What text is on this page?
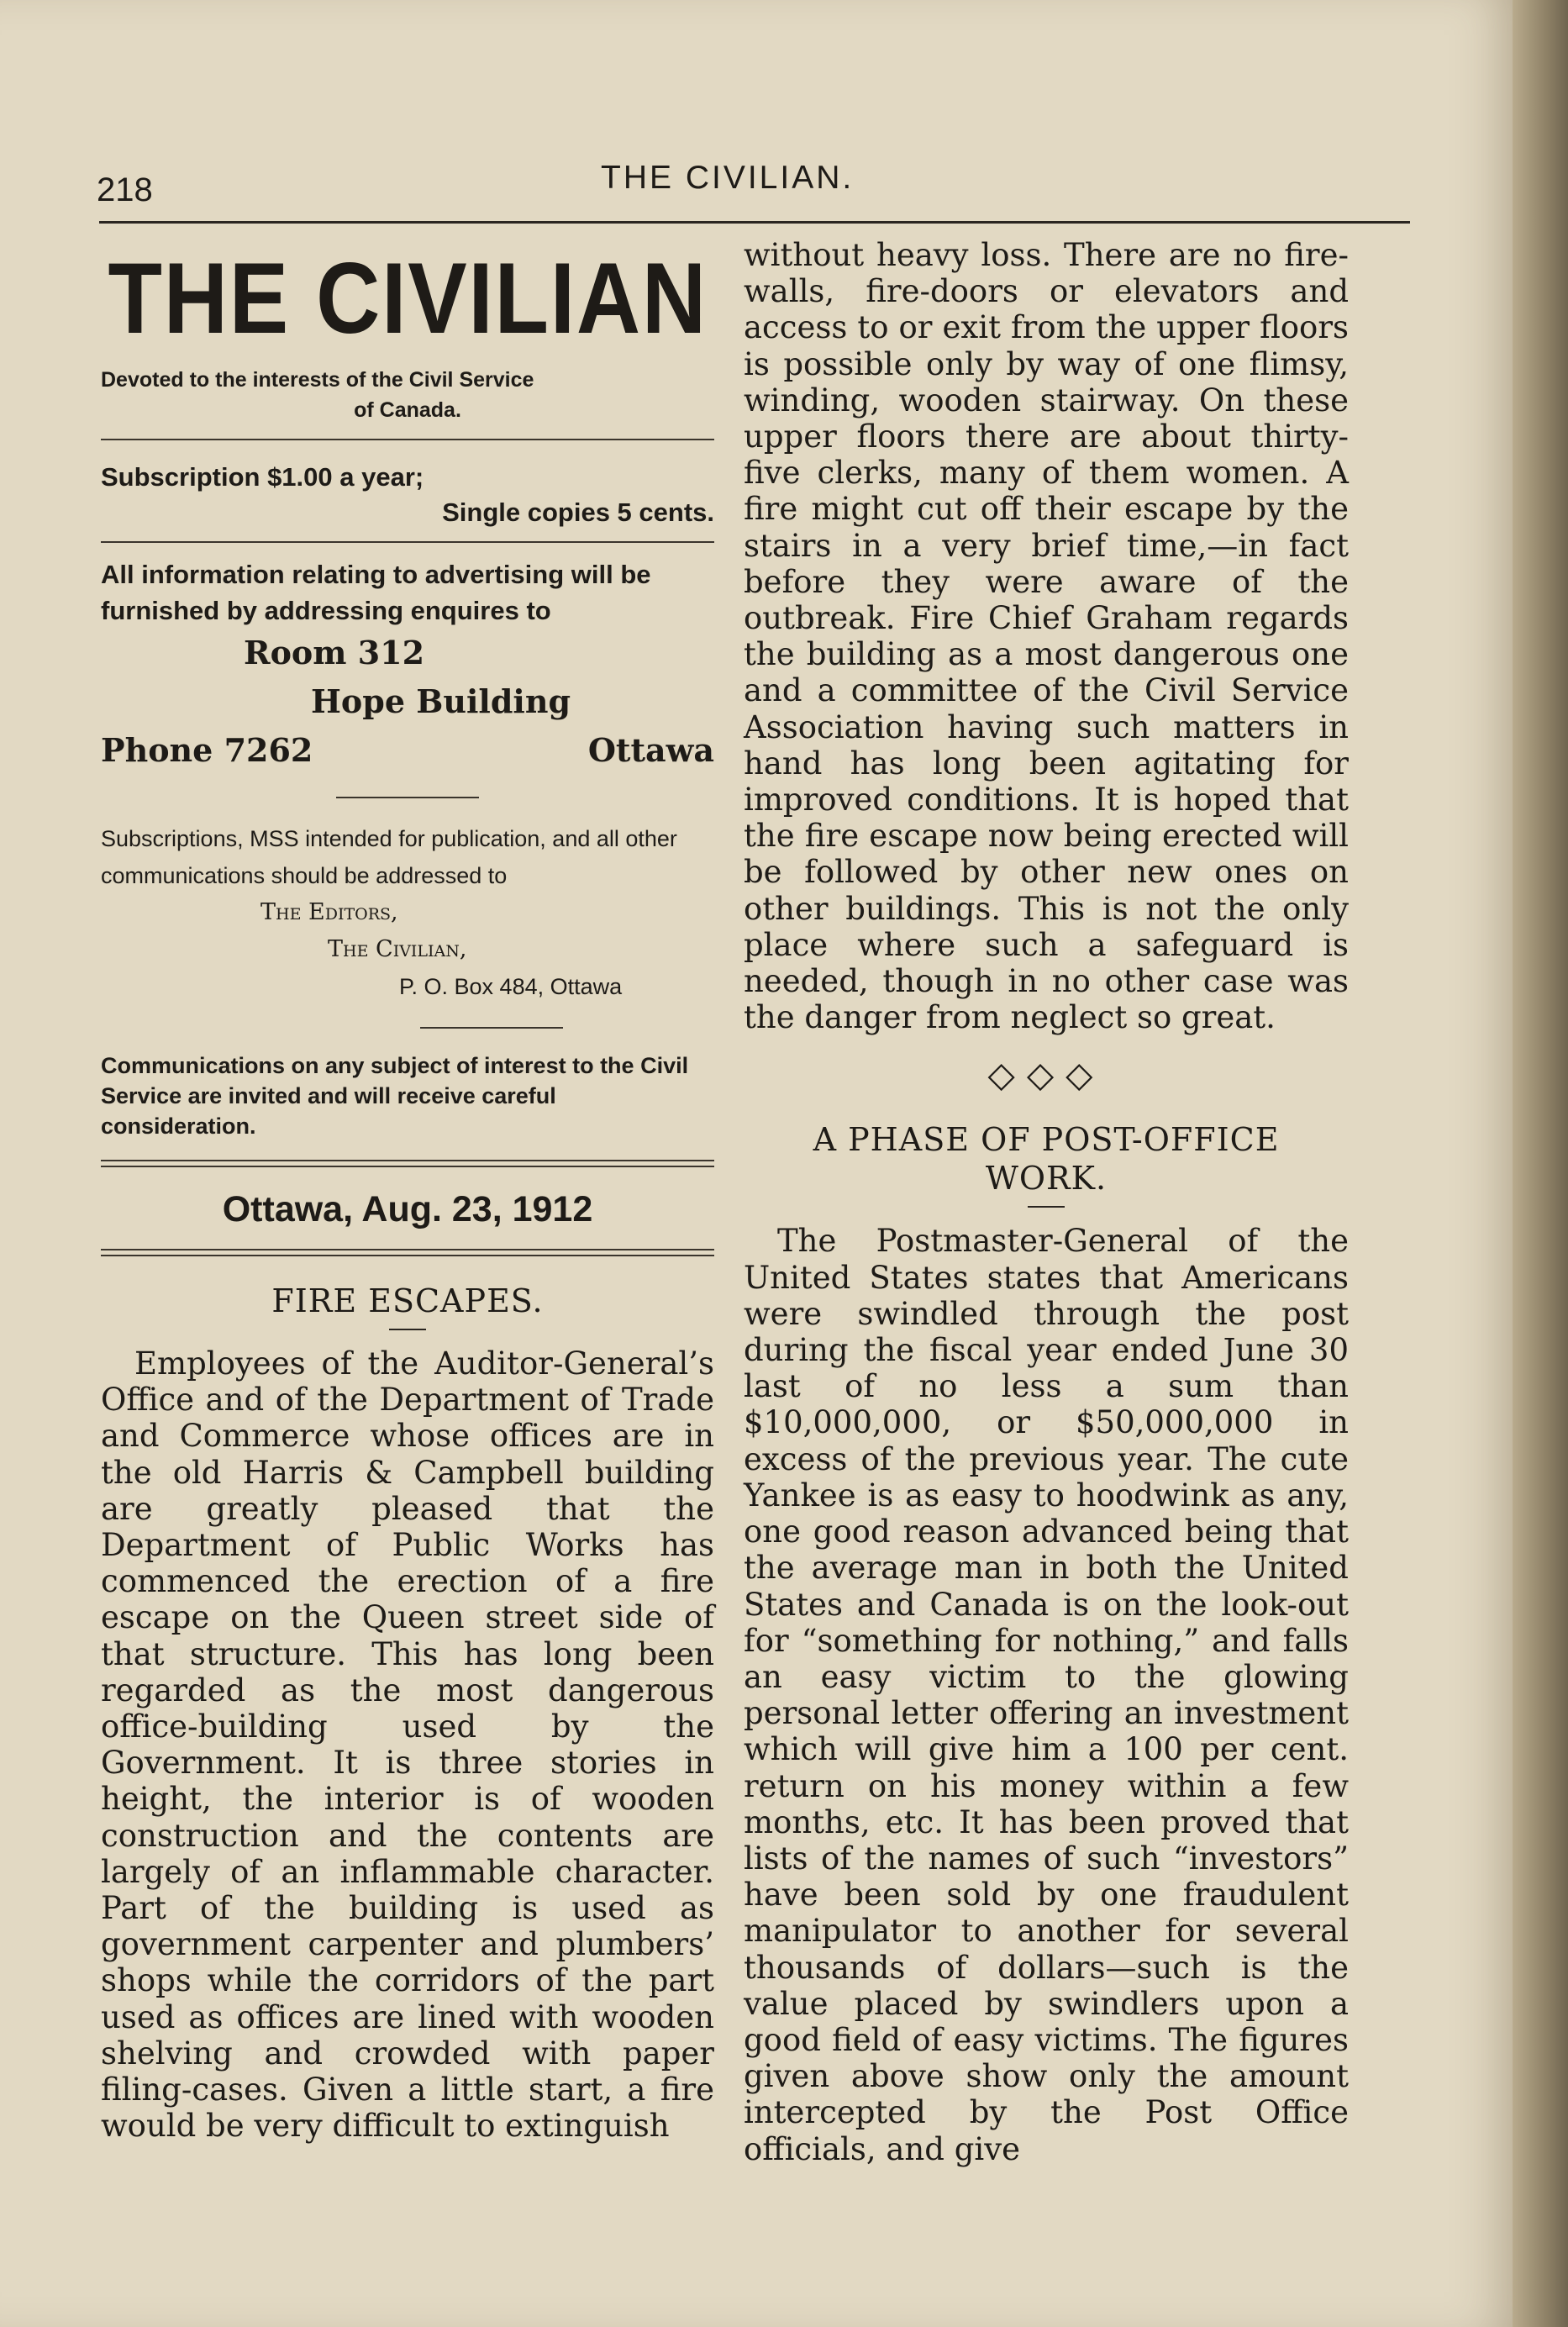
218	THE CIVILIAN.
THE CIVILIAN
Devoted to the interests of the Civil Service
of Canada.
Subscription $1.00 a year;
Single copies 5 cents.
All information relating to advertising will be furnished by addressing enquires to
Room 312
Hope Building
Phone 7262	Ottawa
Subscriptions, MSS intended for publication, and all other communications should be addressed to
The Editors,
The Civilian,
P. O. Box 484, Ottawa
Communications on any subject of interest to the Civil Service are invited and will receive careful consideration.
Ottawa, Aug. 23, 1912
FIRE ESCAPES.

Employees of the Auditor-General’s Office and of the Department of Trade and Commerce whose offices are in the old Harris & Campbell building are greatly pleased that the Department of Public Works has commenced the erection of a fire escape on the Queen street side of that structure. This has long been regarded as the most dangerous office-building used by the Government. It is three stories in height, the interior is of wooden construction and the contents are largely of an inflammable character. Part of the building is used as government carpenter and plumbers’ shops while the corridors of the part used as offices are lined with wooden shelving and crowded with paper filing-cases. Given a little start, a fire would be very difficult to extinguish

without heavy loss. There are no fire-walls, fire-doors or elevators and access to or exit from the upper floors is possible only by way of one flimsy, winding, wooden stairway. On these upper floors there are about thirty-five clerks, many of them women. A fire might cut off their escape by the stairs in a very brief time,—in fact before they were aware of the outbreak. Fire Chief Graham regards the building as a most dangerous one and a committee of the Civil Service Association having such matters in hand has long been agitating for improved conditions. It is hoped that the fire escape now being erected will be followed by other new ones on other buildings. This is not the only place where such a safeguard is needed, though in no other case was the danger from neglect so great.

◇◇◇
A PHASE OF POST-OFFICE
WORK.

The Postmaster-General of the United States states that Americans were swindled through the post during the fiscal year ended June 30 last of no less a sum than $10,000,000, or $50,000,000 in excess of the previous year. The cute Yankee is as easy to hoodwink as any, one good reason advanced being that the average man in both the United States and Canada is on the look-out for “something for nothing,” and falls an easy victim to the glowing personal letter offering an investment which will give him a 100 per cent. return on his money within a few months, etc. It has been proved that lists of the names of such “investors” have been sold by one fraudulent manipulator to another for several thousands of dollars—such is the value placed by swindlers upon a good field of easy victims. The figures given above show only the amount intercepted by the Post Office officials, and give
